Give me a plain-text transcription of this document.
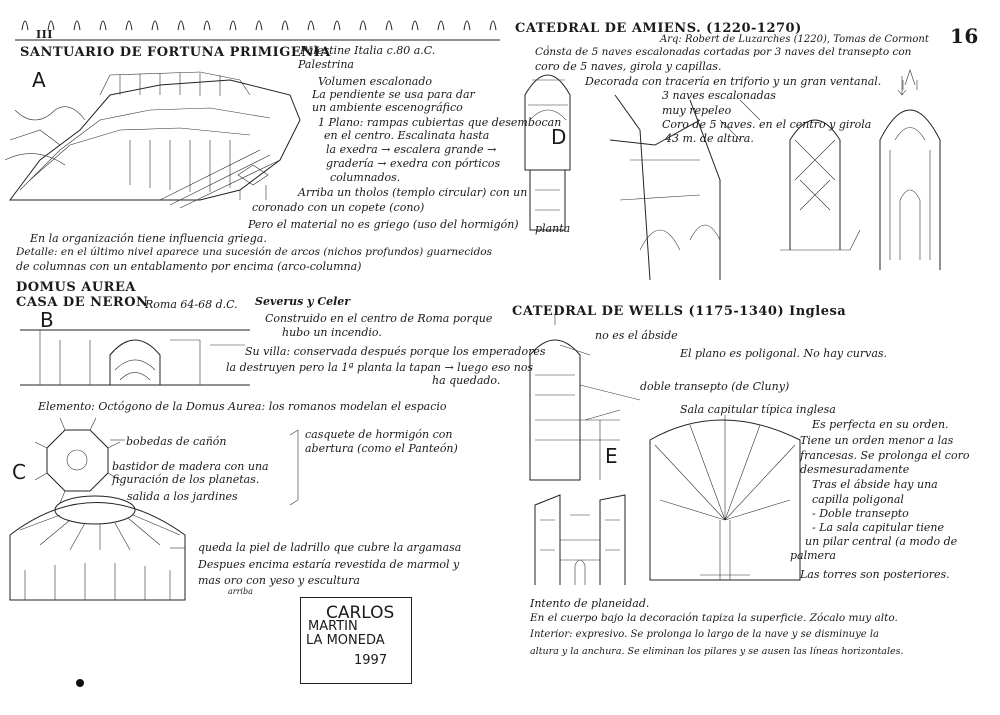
III	16
A
B
C
D
E
SANTUARIO DE FORTUNA PRIMIGENIA
Palestine Italia c.80 a.C.
Palestrina
Volumen escalonado
La pendiente se usa para dar
un ambiente escenográfico
1 Plano: rampas cubiertas que desembocan
en el centro. Escalinata hasta
la exedra → escalera grande →
gradería → exedra con pórticos
columnados.
Arriba un tholos (templo circular) con un
coronado con un copete (cono)
Pero el material no es griego (uso del hormigón)
En la organización tiene influencia griega.
Detalle: en el último nivel aparece una sucesión de arcos (nichos profundos) guarnecidos
de columnas con un entablamento por encima (arco-columna)
DOMUS AUREA
CASA DE NERON
Roma 64-68 d.C. Severus y Celer
Construido en el centro de Roma porque
hubo un incendio.
Su villa: conservada después porque los emperadores
la destruyen pero la 1ª planta la tapan → luego eso nos
ha quedado.
Elemento: Octógono de la Domus Aurea: los romanos modelan el espacio
bobedas de cañón
bastidor de madera con una
figuración de los planetas.
salida a los jardines
casquete de hormigón con
abertura (como el Panteón)
queda la piel de ladrillo que cubre la argamasa
Despues encima estaría revestida de marmol y
mas oro con yeso y escultura
arriba
CARLOS
MARTIN
LA MONEDA
1997
CATEDRAL DE AMIENS. (1220-1270)
Arq: Robert de Luzarches (1220), Tomas de Cormont
Consta de 5 naves escalonadas cortadas por 3 naves del transepto con
coro de 5 naves, girola y capillas.
Decorada con tracería en triforio y un gran ventanal.
3 naves escalonadas
muy repeleo
Coro de 5 naves. en el centro y girola
43 m. de altura.
planta
CATEDRAL DE WELLS (1175-1340) Inglesa
no es el ábside
El plano es poligonal. No hay curvas.
doble transepto (de Cluny)
Sala capitular típica inglesa
Es perfecta en su orden.
Tiene un orden menor a las
francesas. Se prolonga el coro
desmesuradamente
Tras el ábside hay una
capilla poligonal
- Doble transepto
- La sala capitular tiene
un pilar central (a modo de
palmera
Las torres son posteriores.
Intento de planeidad.
En el cuerpo bajo la decoración tapiza la superficie. Zócalo muy alto.
Interior: expresivo. Se prolonga lo largo de la nave y se disminuye la
altura y la anchura. Se eliminan los pilares y se ausen las líneas horizontales.
